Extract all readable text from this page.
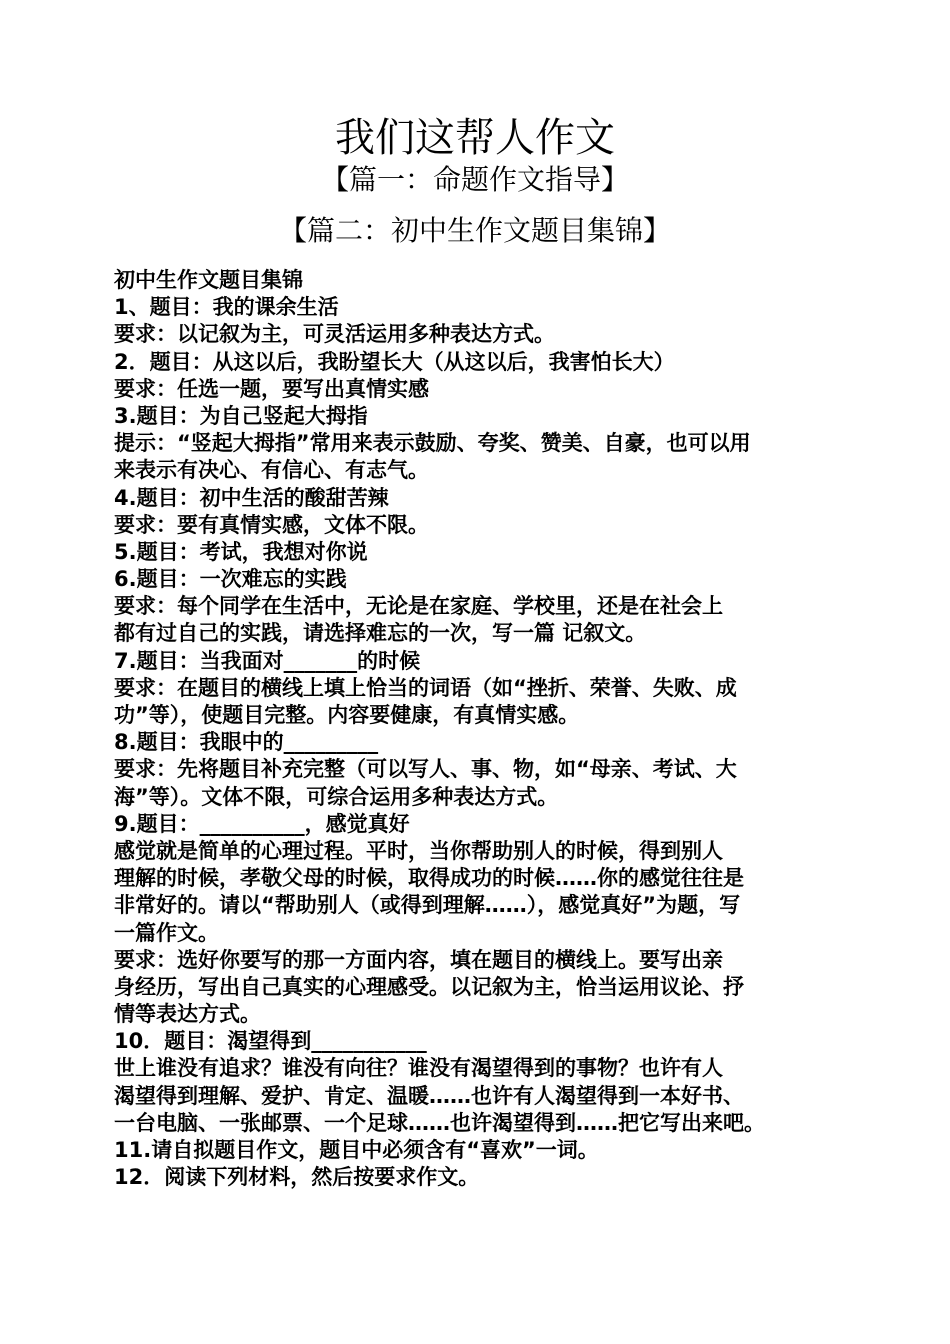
我们这帮人作文
【篇一：命题作文指导】
【篇二：初中生作文题目集锦】
初中生作文题目集锦
1、题目：我的课余生活
要求：以记叙为主，可灵活运用多种表达方式。
2．题目：从这以后，我盼望长大（从这以后，我害怕长大）
要求：任选一题，要写出真情实感
3.题目：为自己竖起大拇指
提示：“竖起大拇指”常用来表示鼓励、夸奖、赞美、自豪，也可以用
来表示有决心、有信心、有志气。
4.题目：初中生活的酸甜苦辣
要求：要有真情实感，文体不限。
5.题目：考试，我想对你说
6.题目：一次难忘的实践
要求：每个同学在生活中，无论是在家庭、学校里，还是在社会上
都有过自己的实践，请选择难忘的一次，写一篇 记叙文。
7.题目：当我面对_______的时候
要求：在题目的横线上填上恰当的词语（如“挫折、荣誉、失败、成
功”等），使题目完整。内容要健康，有真情实感。
8.题目：我眼中的_________
要求：先将题目补充完整（可以写人、事、物，如“母亲、考试、大
海”等）。文体不限，可综合运用多种表达方式。
9.题目：__________，感觉真好
感觉就是简单的心理过程。平时，当你帮助别人的时候，得到别人
理解的时候，孝敬父母的时候，取得成功的时候……你的感觉往往是
非常好的。请以“帮助别人（或得到理解……），感觉真好”为题，写
一篇作文。
要求：选好你要写的那一方面内容，填在题目的横线上。要写出亲
身经历，写出自己真实的心理感受。以记叙为主，恰当运用议论、抒
情等表达方式。
10．题目：渴望得到___________
世上谁没有追求？谁没有向往？谁没有渴望得到的事物？也许有人
渴望得到理解、爱护、肯定、温暖……也许有人渴望得到一本好书、
一台电脑、一张邮票、一个足球……也许渴望得到……把它写出来吧。
11.请自拟题目作文，题目中必须含有“喜欢”一词。
12．阅读下列材料，然后按要求作文。
